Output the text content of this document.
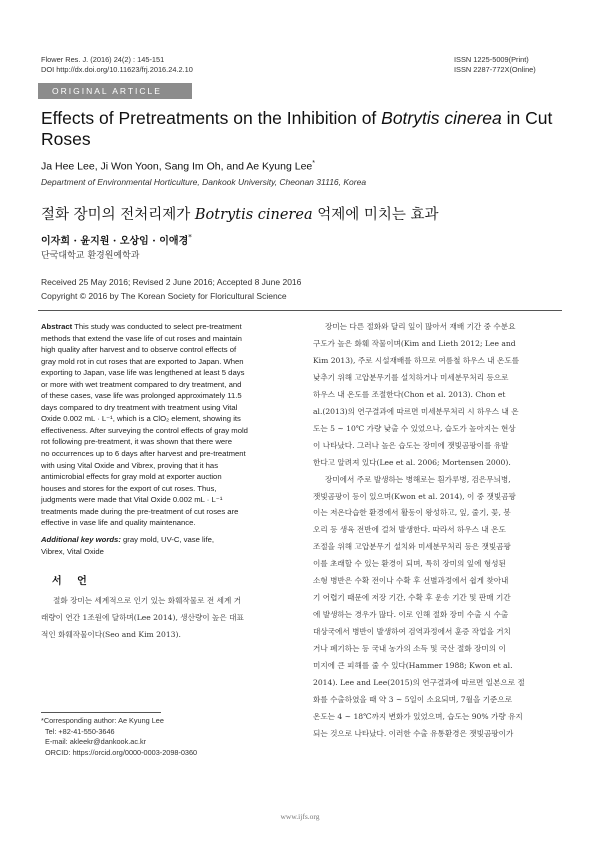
Flower Res. J. (2016) 24(2) : 145-151
DOI http://dx.doi.org/10.11623/frj.2016.24.2.10
ISSN 1225-5009(Print)
ISSN 2287-772X(Online)
ORIGINAL ARTICLE
Effects of Pretreatments on the Inhibition of Botrytis cinerea in Cut Roses
Ja Hee Lee, Ji Won Yoon, Sang Im Oh, and Ae Kyung Lee*
Department of Environmental Horticulture, Dankook University, Cheonan 31116, Korea
절화 장미의 전처리제가 Botrytis cinerea 억제에 미치는 효과
이자희 · 윤지원 · 오상임 · 이애경*
단국대학교 환경원예학과
Received 25 May 2016; Revised 2 June 2016; Accepted 8 June 2016
Copyright © 2016 by The Korean Society for Floricultural Science
Abstract This study was conducted to select pre-treatment
methods that extend the vase life of cut roses and maintain
high quality after harvest and to observe control effects of
gray mold rot in cut roses that are exported to Japan. When
exporting to Japan, vase life was lengthened at least 5 days
or more with wet treatment compared to dry treatment, and
of these cases, vase life was prolonged approximately 11.5
days compared to dry treatment with treatment using Vital
Oxide 0.002 mL · L⁻¹, which is a ClO₂ element, showing its
effectiveness. After surveying the control effects of gray mold
rot following pre-treatment, it was shown that there were
no occurrences up to 6 days after harvest and pre-treatment
with using Vital Oxide and Vibrex, proving that it has
antimicrobial effects for gray mold at exporter auction
houses and stores for the export of cut roses. Thus,
judgments were made that Vital Oxide 0.002 mL · L⁻¹
treatments made during the pre-treatment of cut roses are
effective in vase life and quality maintenance.
Additional key words: gray mold, UV-C, vase life,
Vibrex, Vital Oxide
서 언
절화 장미는 세계적으로 인기 있는 화훼작물로 전 세계 거
래량이 연간 1조원에 달하며(Lee 2014), 생산량이 높은 대표
적인 화훼작물이다(Seo and Kim 2013).
*Corresponding author: Ae Kyung Lee
Tel: +82-41-550-3646
E-mail: akleekr@dankook.ac.kr
ORCID: https://orcid.org/0000-0003-2098-0360
장미는 다른 절화와 달리 잎이 많아서 재배 기간 중 수분요
구도가 높은 화훼 작물이며(Kim and Lieth 2012; Lee and
Kim 2013), 주로 시설재배를 하므로 여름철 하우스 내 온도를
낮추기 위해 고압분무기를 설치하거나 미세분무처리 등으로
하우스 내 온도를 조절한다(Chon et al. 2013). Chon et
al.(2013)의 연구결과에 따르면 미세분무처리 시 하우스 내 온
도는 5 ~ 10℃ 가량 낮출 수 있었으나, 습도가 높아지는 현상
이 나타났다. 그러나 높은 습도는 장미에 잿빛곰팡이를 유발
한다고 알려져 있다(Lee et al. 2006; Mortensen 2000).
장미에서 주로 발생하는 병해로는 흰가루병, 검은무늬병,
잿빛곰팡이 등이 있으며(Kwon et al. 2014), 이 중 잿빛곰팡
이는 저온다습한 환경에서 활동이 왕성하고, 잎, 줄기, 꽃, 봉
오리 등 생육 전반에 걸쳐 발생한다. 따라서 하우스 내 온도
조절을 위해 고압분무기 설치와 미세분무처리 등은 잿빛곰팡
이를 초래할 수 있는 환경이 되며, 특히 장미의 잎에 형성된
소형 병반은 수확 전이나 수확 후 선별과정에서 쉽게 찾아내
기 어렵기 때문에 저장 기간, 수확 후 운송 기간 및 판매 기간
에 발생하는 경우가 많다. 이로 인해 절화 장미 수출 시 수출
대상국에서 병반이 발생하여 검역과정에서 훈증 작업을 거치
거나 폐기하는 등 국내 농가의 소득 및 국산 절화 장미의 이
미지에 큰 피해를 줄 수 있다(Hammer 1988; Kwon et al.
2014). Lee and Lee(2015)의 연구결과에 따르면 일본으로 절
화를 수출하였을 때 약 3 ~ 5일이 소요되며, 7월을 기준으로
온도는 4 ~ 18℃까지 변화가 있었으며, 습도는 90% 가량 유지
되는 것으로 나타났다. 이러한 수출 유통환경은 잿빛곰팡이가
www.ijfs.org
